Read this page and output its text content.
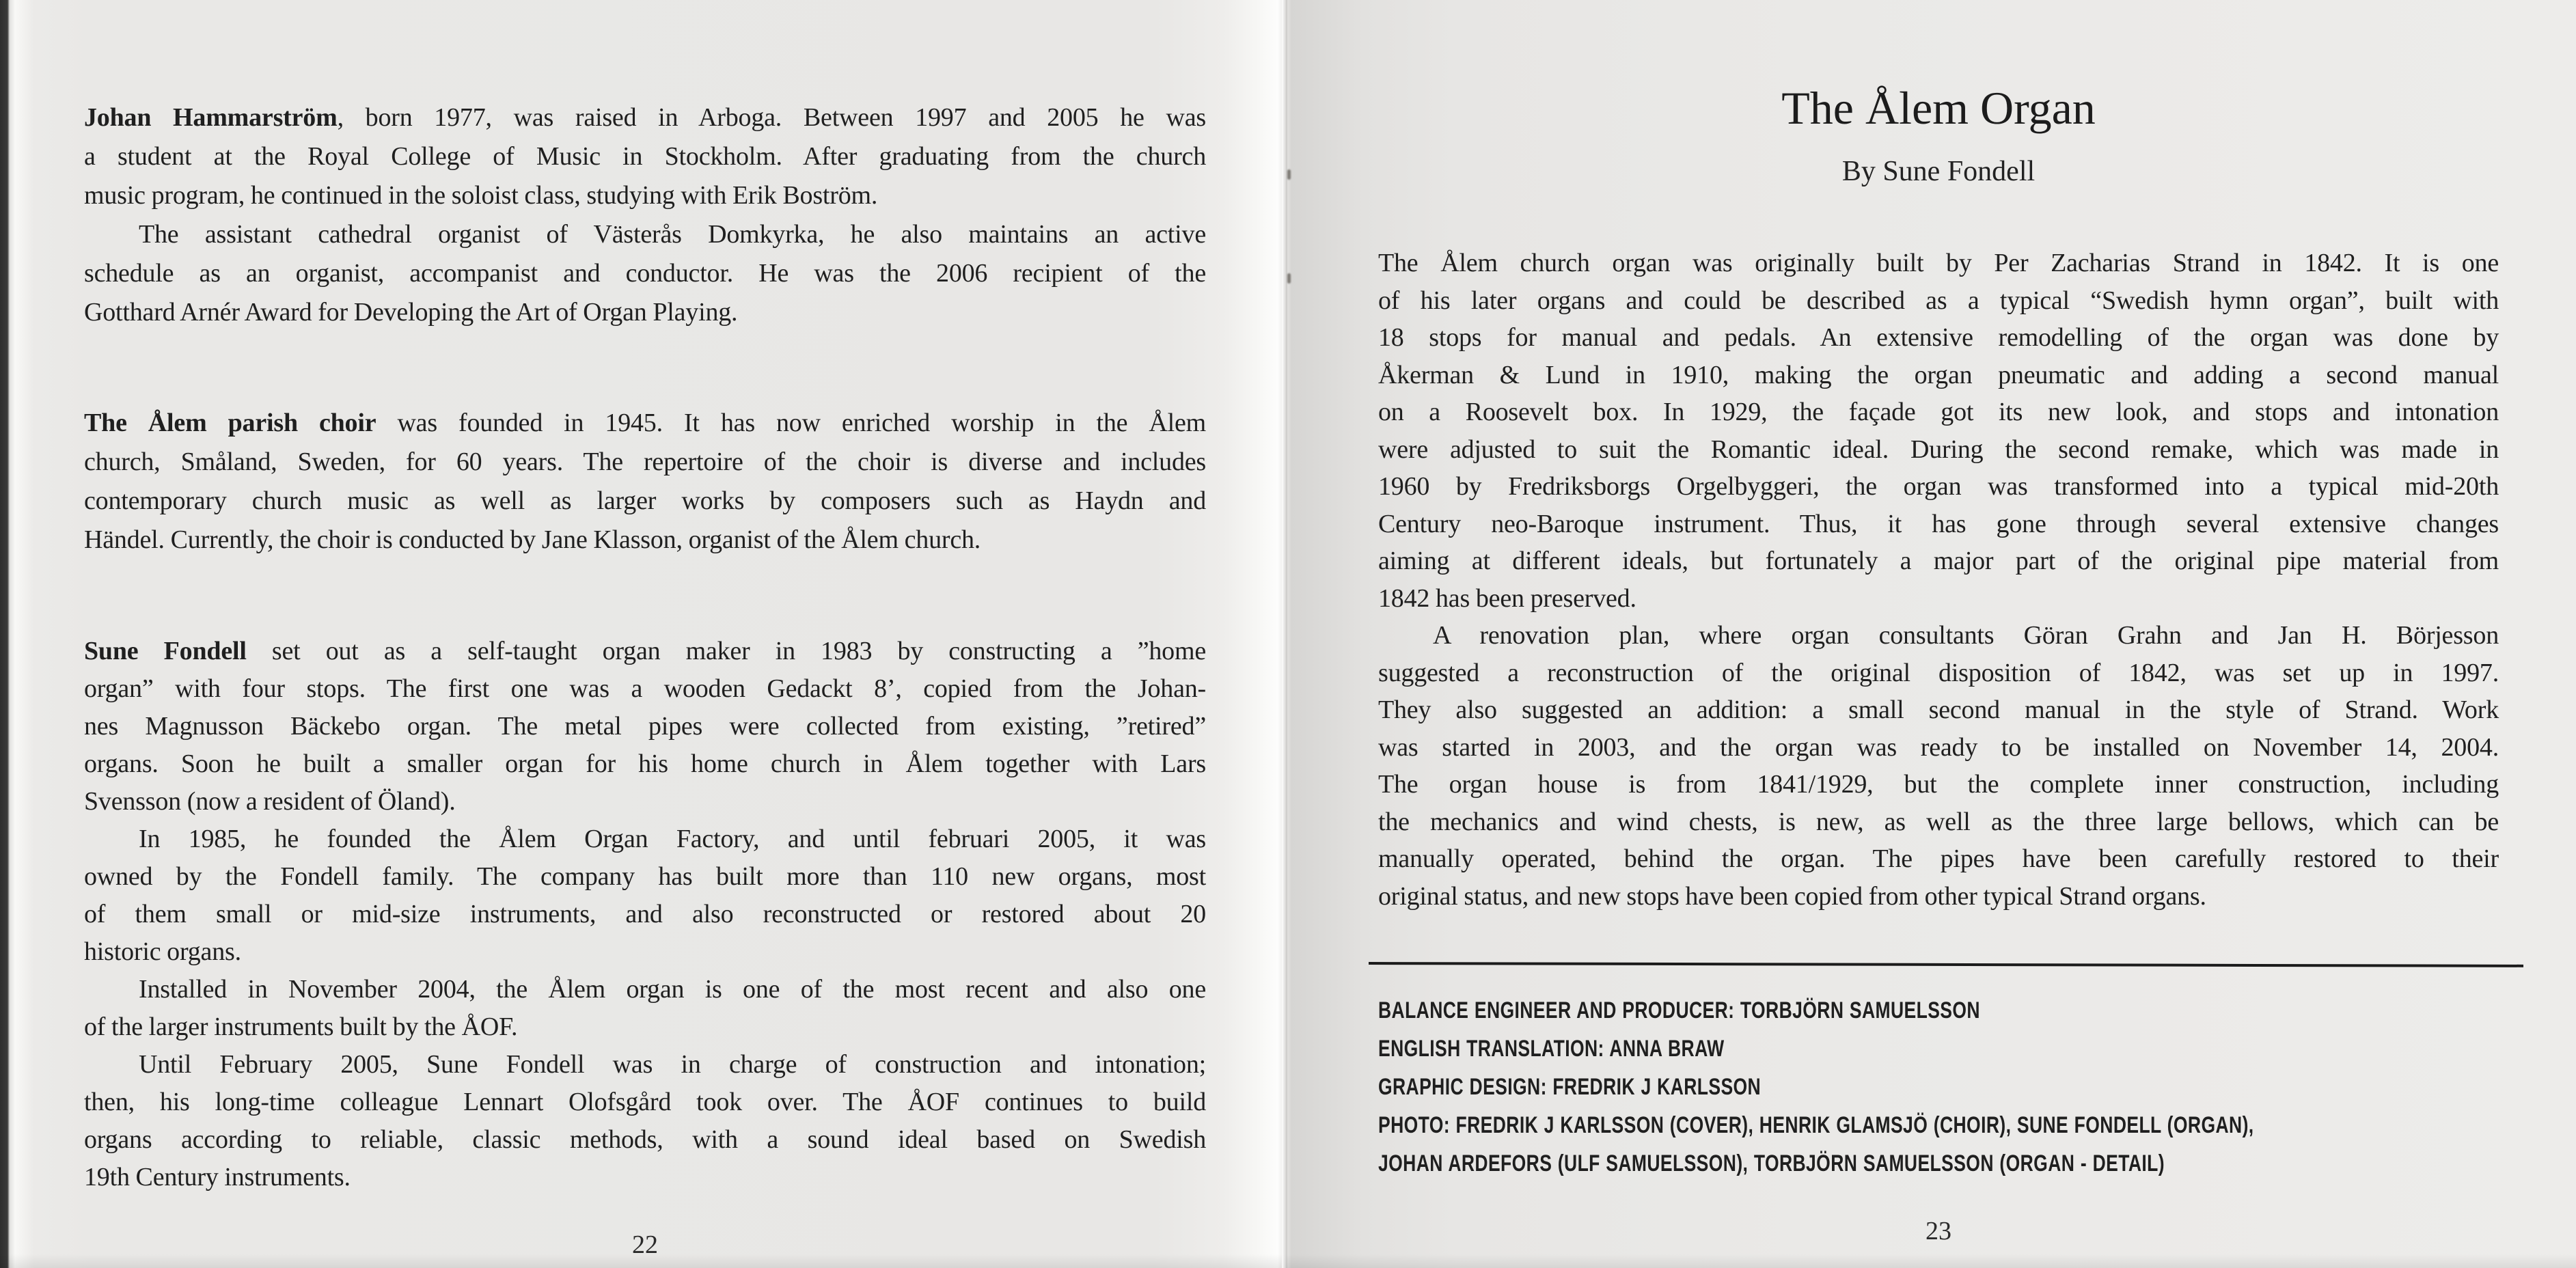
Johan Hammarström, born 1977, was raised in Arboga. Between 1997 and 2005 he was
a student at the Royal College of Music in Stockholm. After graduating from the church
music program, he continued in the soloist class, studying with Erik Boström.
The assistant cathedral organist of Västerås Domkyrka, he also maintains an active
schedule as an organist, accompanist and conductor. He was the 2006 recipient of the
Gotthard Arnér Award for Developing the Art of Organ Playing.
The Ålem parish choir was founded in 1945. It has now enriched worship in the Ålem
church, Småland, Sweden, for 60 years. The repertoire of the choir is diverse and includes
contemporary church music as well as larger works by composers such as Haydn and
Händel. Currently, the choir is conducted by Jane Klasson, organist of the Ålem church.
Sune Fondell set out as a self-taught organ maker in 1983 by constructing a ”home
organ” with four stops. The first one was a wooden Gedackt 8’, copied from the Johan-
nes Magnusson Bäckebo organ. The metal pipes were collected from existing, ”retired”
organs. Soon he built a smaller organ for his home church in Ålem together with Lars
Svensson (now a resident of Öland).
In 1985, he founded the Ålem Organ Factory, and until februari 2005, it was
owned by the Fondell family. The company has built more than 110 new organs, most
of them small or mid-size instruments, and also reconstructed or restored about 20
historic organs.
Installed in November 2004, the Ålem organ is one of the most recent and also one
of the larger instruments built by the ÅOF.
Until February 2005, Sune Fondell was in charge of construction and intonation;
then, his long-time colleague Lennart Olofsgård took over. The ÅOF continues to build
organs according to reliable, classic methods, with a sound ideal based on Swedish
19th Century instruments.
22
The Ålem Organ
By Sune Fondell
The Ålem church organ was originally built by Per Zacharias Strand in 1842. It is one
of his later organs and could be described as a typical “Swedish hymn organ”, built with
18 stops for manual and pedals. An extensive remodelling of the organ was done by
Åkerman & Lund in 1910, making the organ pneumatic and adding a second manual
on a Roosevelt box. In 1929, the façade got its new look, and stops and intonation
were adjusted to suit the Romantic ideal. During the second remake, which was made in
1960 by Fredriksborgs Orgelbyggeri, the organ was transformed into a typical mid-20th
Century neo-Baroque instrument. Thus, it has gone through several extensive changes
aiming at different ideals, but fortunately a major part of the original pipe material from
1842 has been preserved.
A renovation plan, where organ consultants Göran Grahn and Jan H. Börjesson
suggested a reconstruction of the original disposition of 1842, was set up in 1997.
They also suggested an addition: a small second manual in the style of Strand. Work
was started in 2003, and the organ was ready to be installed on November 14, 2004.
The organ house is from 1841/1929, but the complete inner construction, including
the mechanics and wind chests, is new, as well as the three large bellows, which can be
manually operated, behind the organ. The pipes have been carefully restored to their
original status, and new stops have been copied from other typical Strand organs.
BALANCE ENGINEER AND PRODUCER: TORBJÖRN SAMUELSSON
ENGLISH TRANSLATION: ANNA BRAW
GRAPHIC DESIGN: FREDRIK J KARLSSON
PHOTO: FREDRIK J KARLSSON (COVER), HENRIK GLAMSJÖ (CHOIR), SUNE FONDELL (ORGAN),
JOHAN ARDEFORS (ULF SAMUELSSON), TORBJÖRN SAMUELSSON (ORGAN - DETAIL)
23
